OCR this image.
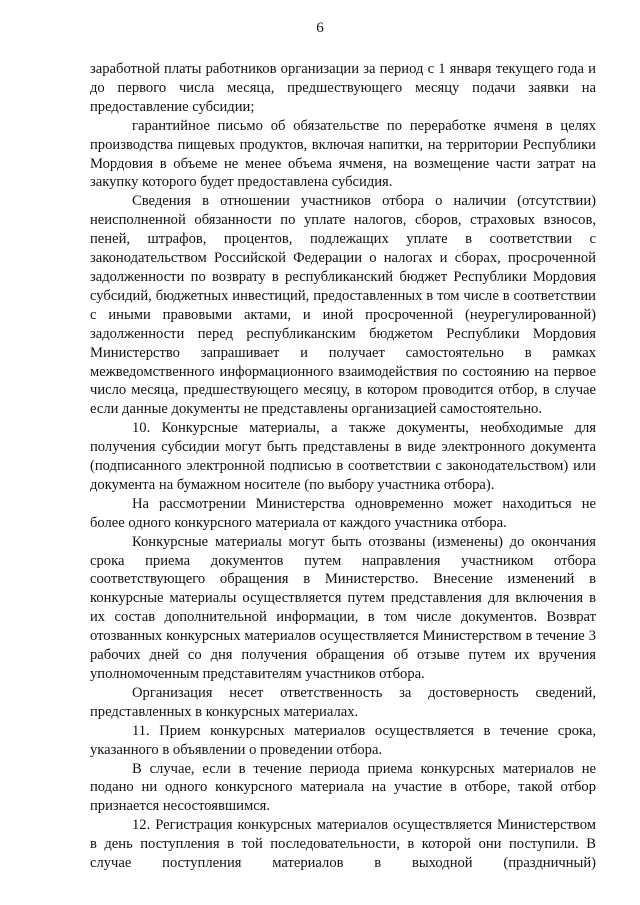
6

заработной платы работников организации за период с 1 января текущего года и до первого числа месяца, предшествующего месяцу подачи заявки на предоставление субсидии;

гарантийное письмо об обязательстве по переработке ячменя в целях производства пищевых продуктов, включая напитки, на территории Республики Мордовия в объеме не менее объема ячменя, на возмещение части затрат на закупку которого будет предоставлена субсидия.

Сведения в отношении участников отбора о наличии (отсутствии) неисполненной обязанности по уплате налогов, сборов, страховых взносов, пеней, штрафов, процентов, подлежащих уплате в соответствии с законодательством Российской Федерации о налогах и сборах, просроченной задолженности по возврату в республиканский бюджет Республики Мордовия субсидий, бюджетных инвестиций, предоставленных в том числе в соответствии с иными правовыми актами, и иной просроченной (неурегулированной) задолженности перед республиканским бюджетом Республики Мордовия Министерство запрашивает и получает самостоятельно в рамках межведомственного информационного взаимодействия по состоянию на первое число месяца, предшествующего месяцу, в котором проводится отбор, в случае если данные документы не представлены организацией самостоятельно.

10. Конкурсные материалы, а также документы, необходимые для получения субсидии могут быть представлены в виде электронного документа (подписанного электронной подписью в соответствии с законодательством) или документа на бумажном носителе (по выбору участника отбора).

На рассмотрении Министерства одновременно может находиться не более одного конкурсного материала от каждого участника отбора.

Конкурсные материалы могут быть отозваны (изменены) до окончания срока приема документов путем направления участником отбора соответствующего обращения в Министерство. Внесение изменений в конкурсные материалы осуществляется путем представления для включения в их состав дополнительной информации, в том числе документов. Возврат отозванных конкурсных материалов осуществляется Министерством в течение 3 рабочих дней со дня получения обращения об отзыве путем их вручения уполномоченным представителям участников отбора.

Организация несет ответственность за достоверность сведений, представленных в конкурсных материалах.

11. Прием конкурсных материалов осуществляется в течение срока, указанного в объявлении о проведении отбора.

В случае, если в течение периода приема конкурсных материалов не подано ни одного конкурсного материала на участие в отборе, такой отбор признается несостоявшимся.

12. Регистрация конкурсных материалов осуществляется Министерством в день поступления в той последовательности, в которой они поступили. В случае поступления материалов в выходной (праздничный)
